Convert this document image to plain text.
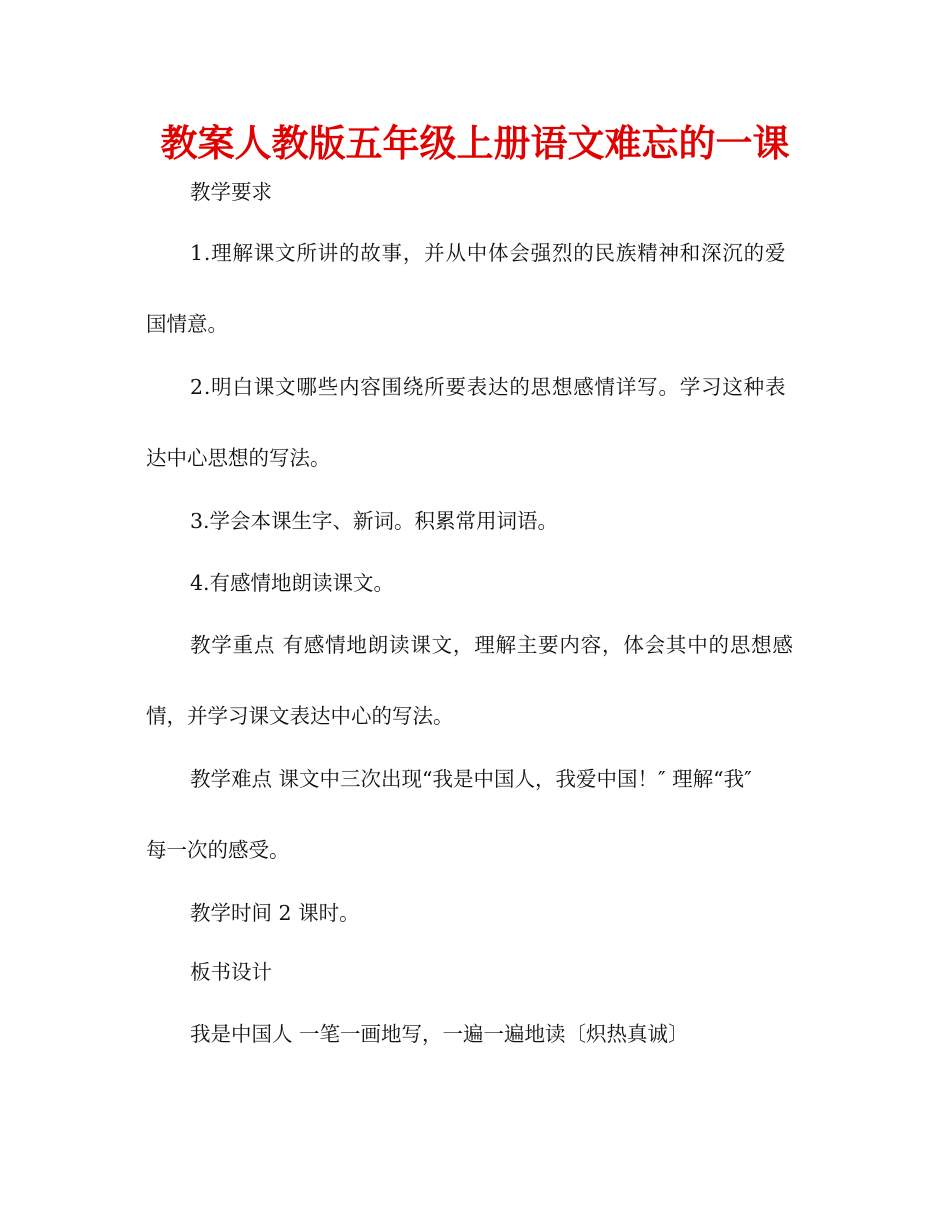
教案人教版五年级上册语文难忘的一课
教学要求
1.理解课文所讲的故事，并从中体会强烈的民族精神和深沉的爱
国情意。
2.明白课文哪些内容围绕所要表达的思想感情详写。学习这种表
达中心思想的写法。
3.学会本课生字、新词。积累常用词语。
4.有感情地朗读课文。
教学重点 有感情地朗读课文，理解主要内容，体会其中的思想感
情，并学习课文表达中心的写法。
教学难点 课文中三次出现“我是中国人，我爱中国！″ 理解“我″
每一次的感受。
教学时间 2 课时。
板书设计
我是中国人 一笔一画地写，一遍一遍地读〔炽热真诚〕
